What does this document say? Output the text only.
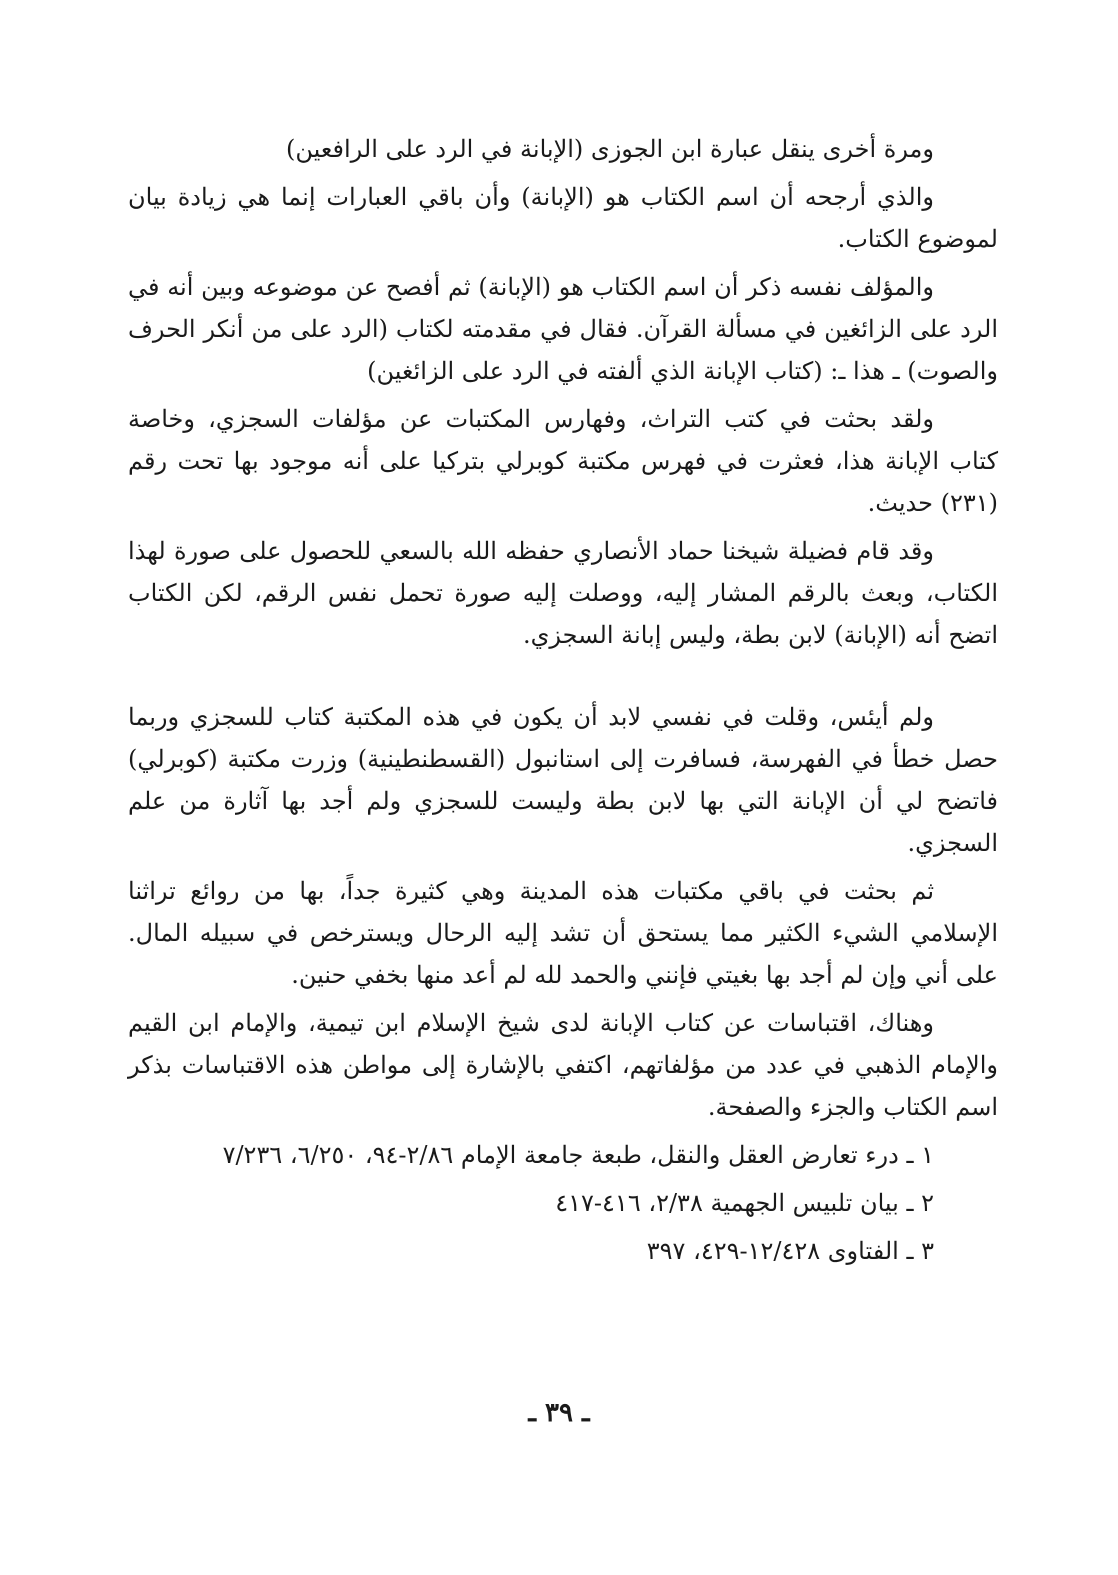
ومرة أخرى ينقل عبارة ابن الجوزى (الإبانة في الرد على الرافعين)

والذي أرجحه أن اسم الكتاب هو (الإبانة) وأن باقي العبارات إنما هي زيادة بيان لموضوع الكتاب.

والمؤلف نفسه ذكر أن اسم الكتاب هو (الإبانة) ثم أفصح عن موضوعه وبين أنه في الرد على الزائغين في مسألة القرآن. فقال في مقدمته لكتاب (الرد على من أنكر الحرف والصوت) ـ هذا ـ: (كتاب الإبانة الذي ألفته في الرد على الزائغين)

ولقد بحثت في كتب التراث، وفهارس المكتبات عن مؤلفات السجزي، وخاصة كتاب الإبانة هذا، فعثرت في فهرس مكتبة كوبرلي بتركيا على أنه موجود بها تحت رقم (٢٣١) حديث.

وقد قام فضيلة شيخنا حماد الأنصاري حفظه الله بالسعي للحصول على صورة لهذا الكتاب، وبعث بالرقم المشار إليه، ووصلت إليه صورة تحمل نفس الرقم، لكن الكتاب اتضح أنه (الإبانة) لابن بطة، وليس إبانة السجزي.

ولم أيئس، وقلت في نفسي لابد أن يكون في هذه المكتبة كتاب للسجزي وربما حصل خطأ في الفهرسة، فسافرت إلى استانبول (القسطنطينية) وزرت مكتبة (كوبرلي) فاتضح لي أن الإبانة التي بها لابن بطة وليست للسجزي ولم أجد بها آثارة من علم السجزي.

ثم بحثت في باقي مكتبات هذه المدينة وهي كثيرة جداً، بها من روائع تراثنا الإسلامي الشيء الكثير مما يستحق أن تشد إليه الرحال ويسترخص في سبيله المال. على أني وإن لم أجد بها بغيتي فإنني والحمد لله لم أعد منها بخفي حنين.

وهناك، اقتباسات عن كتاب الإبانة لدى شيخ الإسلام ابن تيمية، والإمام ابن القيم والإمام الذهبي في عدد من مؤلفاتهم، اكتفي بالإشارة إلى مواطن هذه الاقتباسات بذكر اسم الكتاب والجزء والصفحة.

١ ـ درء تعارض العقل والنقل، طبعة جامعة الإمام ٢/٨٦-٩٤، ٦/٢٥٠، ٧/٢٣٦

٢ ـ بيان تلبيس الجهمية ٢/٣٨، ٤١٦-٤١٧

٣ ـ الفتاوى ١٢/٤٢٨-٤٢٩، ٣٩٧

ـ ٣٩ ـ
